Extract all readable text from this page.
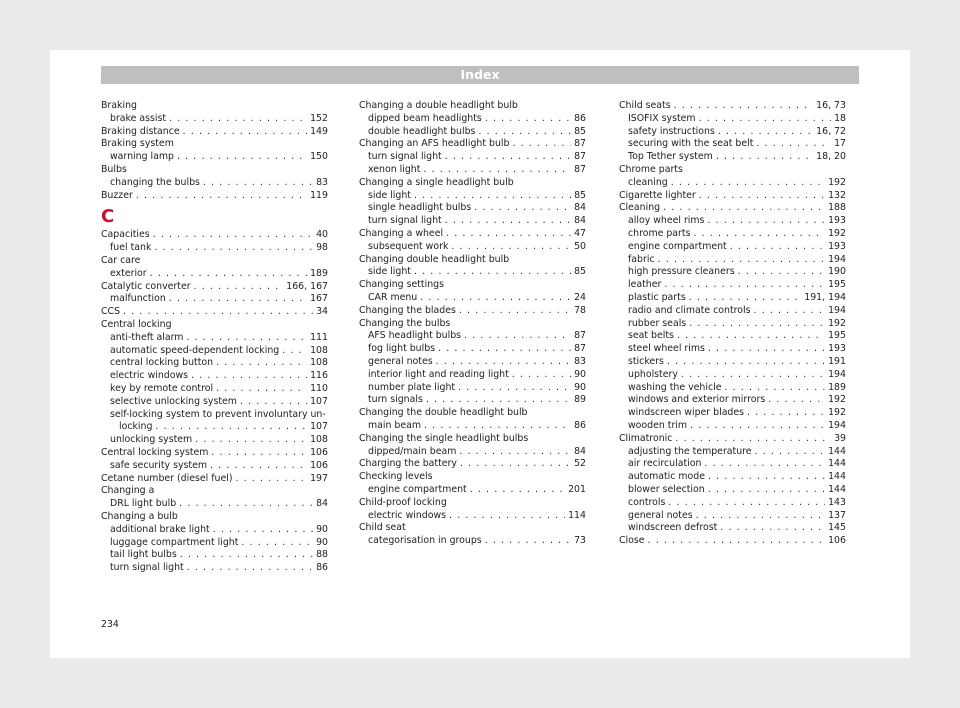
Index
Braking
brake assist . . .	152
Braking distance . . .	149
Braking system
warning lamp . . .	150
Bulbs
changing the bulbs . . .	83
Buzzer . . .	119
C
Capacities . . .	40
fuel tank . . .	98
Car care
exterior . . .	189
Catalytic converter . . .	166, 167
malfunction . . .	167
CCS . . .	34
Central locking
anti-theft alarm . . .	111
automatic speed-dependent locking . . .	108
central locking button . . .	108
electric windows . . .	116
key by remote control . . .	110
selective unlocking system . . .	107
self-locking system to prevent involuntary un-
locking . . .	107
unlocking system . . .	108
Central locking system . . .	106
safe security system . . .	106
Cetane number (diesel fuel) . . .	197
Changing a
DRL light bulb . . .	84
Changing a bulb
additional brake light . . .	90
luggage compartment light . . .	90
tail light bulbs . . .	88
turn signal light . . .	86
Changing a double headlight bulb
dipped beam headlights . . .	86
double headlight bulbs . . .	85
Changing an AFS headlight bulb . . .	87
turn signal light . . .	87
xenon light . . .	87
Changing a single headlight bulb
side light . . .	85
single headlight bulbs . . .	84
turn signal light . . .	84
Changing a wheel . . .	47
subsequent work . . .	50
Changing double headlight bulb
side light . . .	85
Changing settings
CAR menu . . .	24
Changing the blades . . .	78
Changing the bulbs
AFS headlight bulbs . . .	87
fog light bulbs . . .	87
general notes . . .	83
interior light and reading light . . .	90
number plate light . . .	90
turn signals . . .	89
Changing the double headlight bulb
main beam . . .	86
Changing the single headlight bulbs
dipped/main beam . . .	84
Charging the battery . . .	52
Checking levels
engine compartment . . .	201
Child-proof locking
electric windows . . .	114
Child seat
categorisation in groups . . .	73
Child seats . . .	16, 73
ISOFIX system . . .	18
safety instructions . . .	16, 72
securing with the seat belt . . .	17
Top Tether system . . .	18, 20
Chrome parts
cleaning . . .	192
Cigarette lighter . . .	132
Cleaning . . .	188
alloy wheel rims . . .	193
chrome parts . . .	192
engine compartment . . .	193
fabric . . .	194
high pressure cleaners . . .	190
leather . . .	195
plastic parts . . .	191, 194
radio and climate controls . . .	194
rubber seals . . .	192
seat belts . . .	195
steel wheel rims . . .	193
stickers . . .	191
upholstery . . .	194
washing the vehicle . . .	189
windows and exterior mirrors . . .	192
windscreen wiper blades . . .	192
wooden trim . . .	194
Climatronic . . .	39
adjusting the temperature . . .	144
air recirculation . . .	144
automatic mode . . .	144
blower selection . . .	144
controls . . .	143
general notes . . .	137
windscreen defrost . . .	145
Close . . .	106
234
